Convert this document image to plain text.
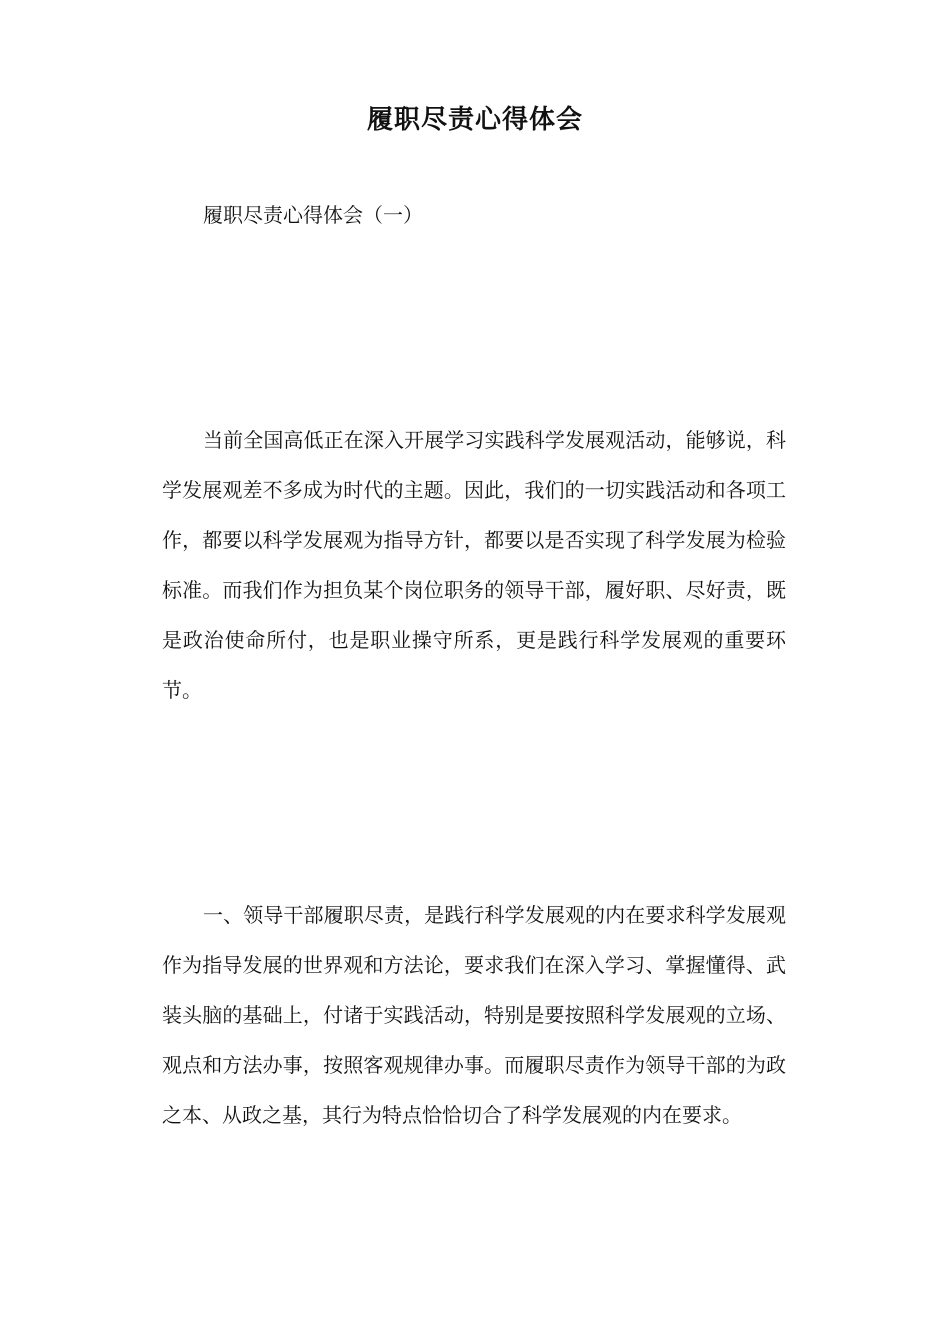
履职尽责心得体会
履职尽责心得体会（一）

当前全国高低正在深入开展学习实践科学发展观活动，能够说，科学发展观差不多成为时代的主题。因此，我们的一切实践活动和各项工作，都要以科学发展观为指导方针，都要以是否实现了科学发展为检验标准。而我们作为担负某个岗位职务的领导干部，履好职、尽好责，既是政治使命所付，也是职业操守所系，更是践行科学发展观的重要环节。

一、领导干部履职尽责，是践行科学发展观的内在要求科学发展观作为指导发展的世界观和方法论，要求我们在深入学习、掌握懂得、武装头脑的基础上，付诸于实践活动，特别是要按照科学发展观的立场、观点和方法办事，按照客观规律办事。而履职尽责作为领导干部的为政之本、从政之基，其行为特点恰恰切合了科学发展观的内在要求。
